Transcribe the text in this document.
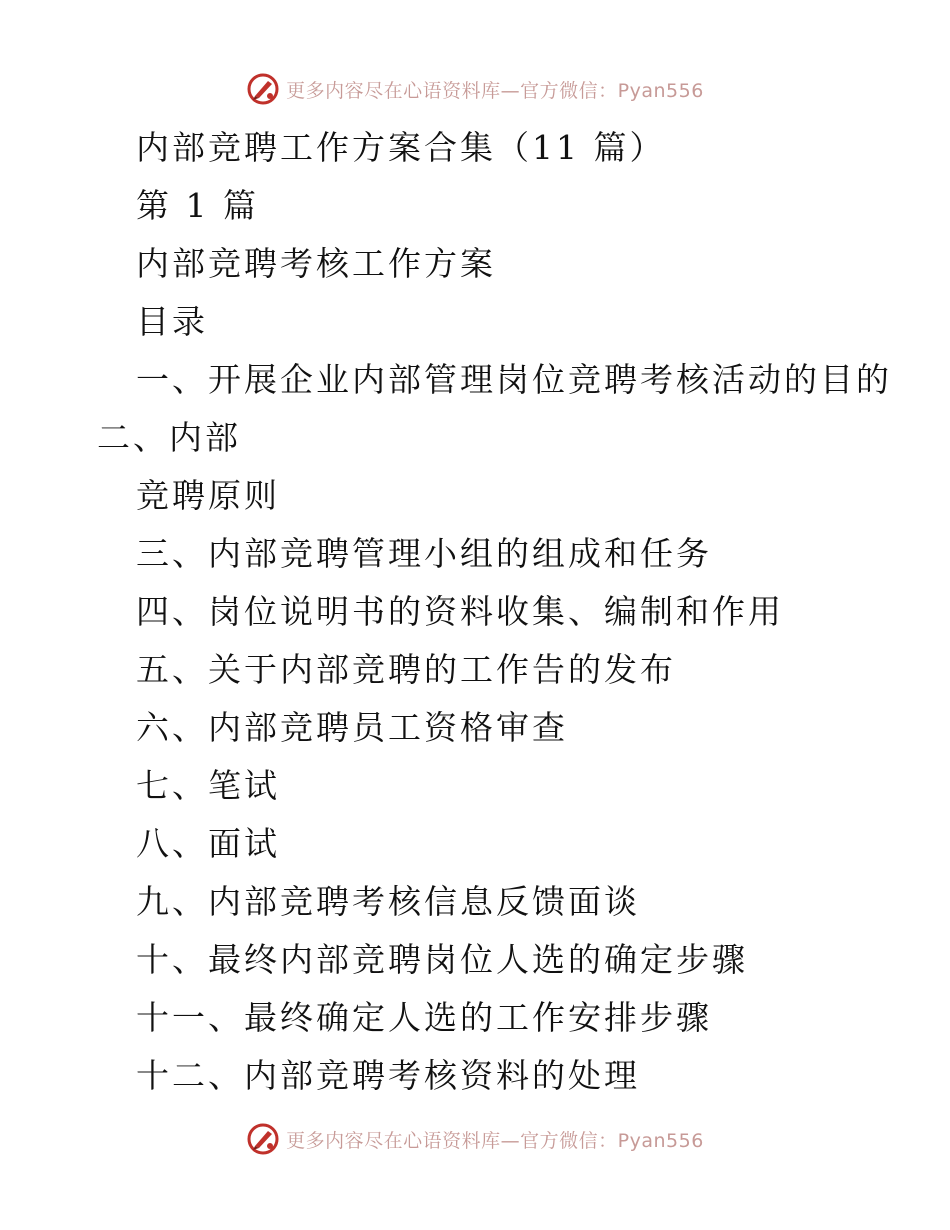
更多内容尽在心语资料库—官方微信：Pyan556
内部竞聘工作方案合集（11 篇）
第 1 篇
内部竞聘考核工作方案
目录
一、开展企业内部管理岗位竞聘考核活动的目的
二、内部
竞聘原则
三、内部竞聘管理小组的组成和任务
四、岗位说明书的资料收集、编制和作用
五、关于内部竞聘的工作告的发布
六、内部竞聘员工资格审查
七、笔试
八、面试
九、内部竞聘考核信息反馈面谈
十、最终内部竞聘岗位人选的确定步骤
十一、最终确定人选的工作安排步骤
十二、内部竞聘考核资料的处理
更多内容尽在心语资料库—官方微信：Pyan556
